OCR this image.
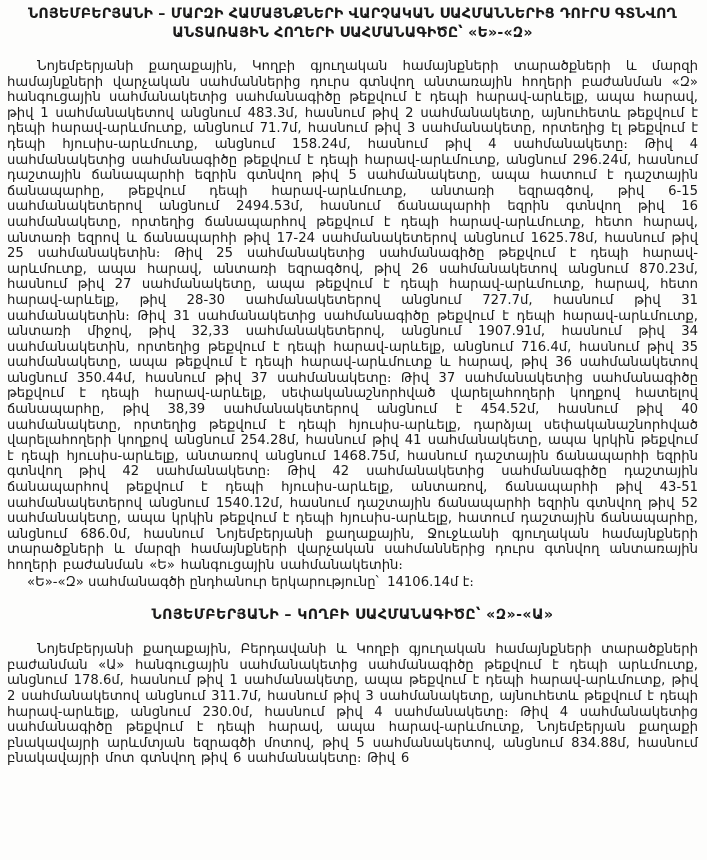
ՆՈՅԵՄԲԵՐՅԱՆԻ – ՄԱՐԶԻ ՀԱՄԱՅՆՔՆԵՐԻ ՎԱՐՉԱԿԱՆ ՍԱՀՄԱՆՆԵՐԻՑ ԴՈՒՐՍ ԳՏՆՎՈՂ
ԱՆՏԱՌԱՅԻՆ ՀՈՂԵՐԻ ՍԱՀՄԱՆԱԳԻԾԸ՝ «Ե»-«Զ»

Նոյեմբերյանի քաղաքային, Կողբի գյուղական համայնքների տարածքների և մարզի համայնքների վարչական սահմաններից դուրս գտնվող անտառային հողերի բաժանման «Զ» հանգուցային սահմանակետից սահմանագիծը թեքվում է դեպի հարավ-արևելք, ապա հարավ, թիվ 1 սահմանակետով անցնում 483.3մ, հասնում թիվ 2 սահմանակետը, այնուհետև թեքվում է դեպի հարավ-արևմուտք, անցնում 71.7մ, հասնում թիվ 3 սահմանակետը, որտեղից էլ թեքվում է դեպի հյուսիս-արևմուտք, անցնում 158.24մ, հասնում թիվ 4 սահմանակետը։ Թիվ 4 սահմանակետից սահմանագիծը թեքվում է դեպի հարավ-արևմուտք, անցնում 296.24մ, հասնում դաշտային ճանապարհի եզրին գտնվող թիվ 5 սահմանակետը, ապա հատում է դաշտային ճանապարհը, թեքվում դեպի հարավ-արևմուտք, անտառի եզրագծով, թիվ 6-15 սահմանակետերով անցնում 2494.53մ, հասնում ճանապարհի եզրին գտնվող թիվ 16 սահմանակետը, որտեղից ճանապարհով թեքվում է դեպի հարավ-արևմուտք, հետո հարավ, անտառի եզրով և ճանապարհի թիվ 17-24 սահմանակետերով անցնում 1625.78մ, հասնում թիվ 25 սահմանակետին։ Թիվ 25 սահմանակետից սահմանագիծը թեքվում է դեպի հարավ-արևմուտք, ապա հարավ, անտառի եզրագծով, թիվ 26 սահմանակետով անցնում 870.23մ, հասնում թիվ 27 սահմանակետը, ապա թեքվում է դեպի հարավ-արևմուտք, հարավ, հետո հարավ-արևելք, թիվ 28-30 սահմանակետերով անցնում 727.7մ, հասնում թիվ 31 սահմանակետին։ Թիվ 31 սահմանակետից սահմանագիծը թեքվում է դեպի հարավ-արևմուտք, անտառի միջով, թիվ 32,33 սահմանակետերով, անցնում 1907.91մ, հասնում թիվ 34 սահմանակետին, որտեղից թեքվում է դեպի հարավ-արևելք, անցնում 716.4մ, հասնում թիվ 35 սահմանակետը, ապա թեքվում է դեպի հարավ-արևմուտք և հարավ, թիվ 36 սահմանակետով անցնում 350.44մ, հասնում թիվ 37 սահմանակետը։ Թիվ 37 սահմանակետից սահմանագիծը թեքվում է դեպի հարավ-արևելք, սեփականաշնորհված վարելահողերի կողքով հատելով ճանապարհը, թիվ 38,39 սահմանակետերով անցնում է 454.52մ, հասնում թիվ 40 սահմանակետը, որտեղից թեքվում է դեպի հյուսիս-արևելք, դարձյալ սեփականաշնորհված վարելահողերի կողքով անցնում 254.28մ, հասնում թիվ 41 սահմանակետը, ապա կրկին թեքվում է դեպի հյուսիս-արևելք, անտառով անցնում 1468.75մ, հասնում դաշտային ճանապարհի եզրին գտնվող թիվ 42 սահմանակետը։ Թիվ 42 սահմանակետից սահմանագիծը դաշտային ճանապարհով թեքվում է դեպի հյուսիս-արևելք, անտառով, ճանապարհի թիվ 43-51 սահմանակետերով անցնում 1540.12մ, հասնում դաշտային ճանապարհի եզրին գտնվող թիվ 52 սահմանակետը, ապա կրկին թեքվում է դեպի հյուսիս-արևելք, հատում դաշտային ճանապարհը, անցնում 686.0մ, հասնում Նոյեմբերյանի քաղաքային, Ջուջևանի գյուղական համայնքների տարածքների և մարզի համայնքների վարչական սահմաններից դուրս գտնվող անտառային հողերի բաժանման «Ե» հանգուցային սահմանակետին։

«Ե»-«Զ» սահմանագծի ընդհանուր երկարությունը՝  14106.14մ է։

ՆՈՅԵՄԲԵՐՅԱՆԻ – ԿՈՂԲԻ ՍԱՀՄԱՆԱԳԻԾԸ՝ «Զ»-«Ա»

Նոյեմբերյանի քաղաքային, Բերդավանի և Կողբի գյուղական համայնքների տարածքների բաժանման «Ա» հանգուցային սահմանակետից սահմանագիծը թեքվում է դեպի արևմուտք, անցնում 178.6մ, հասնում թիվ 1 սահմանակետը, ապա թեքվում է դեպի հարավ-արևմուտք, թիվ 2 սահմանակետով անցնում 311.7մ, հասնում թիվ 3 սահմանակետը, այնուհետև թեքվում է դեպի հարավ-արևելք, անցնում 230.0մ, հասնում թիվ 4 սահմանակետը։ Թիվ 4 սահմանակետից սահմանագիծը թեքվում է դեպի հարավ, ապա հարավ-արևմուտք, Նոյեմբերյան քաղաքի բնակավայրի արևմտյան եզրագծի մոտով, թիվ 5 սահմանակետով, անցնում 834.88մ, հասնում բնակավայրի մոտ գտնվող թիվ 6 սահմանակետը։ Թիվ 6
